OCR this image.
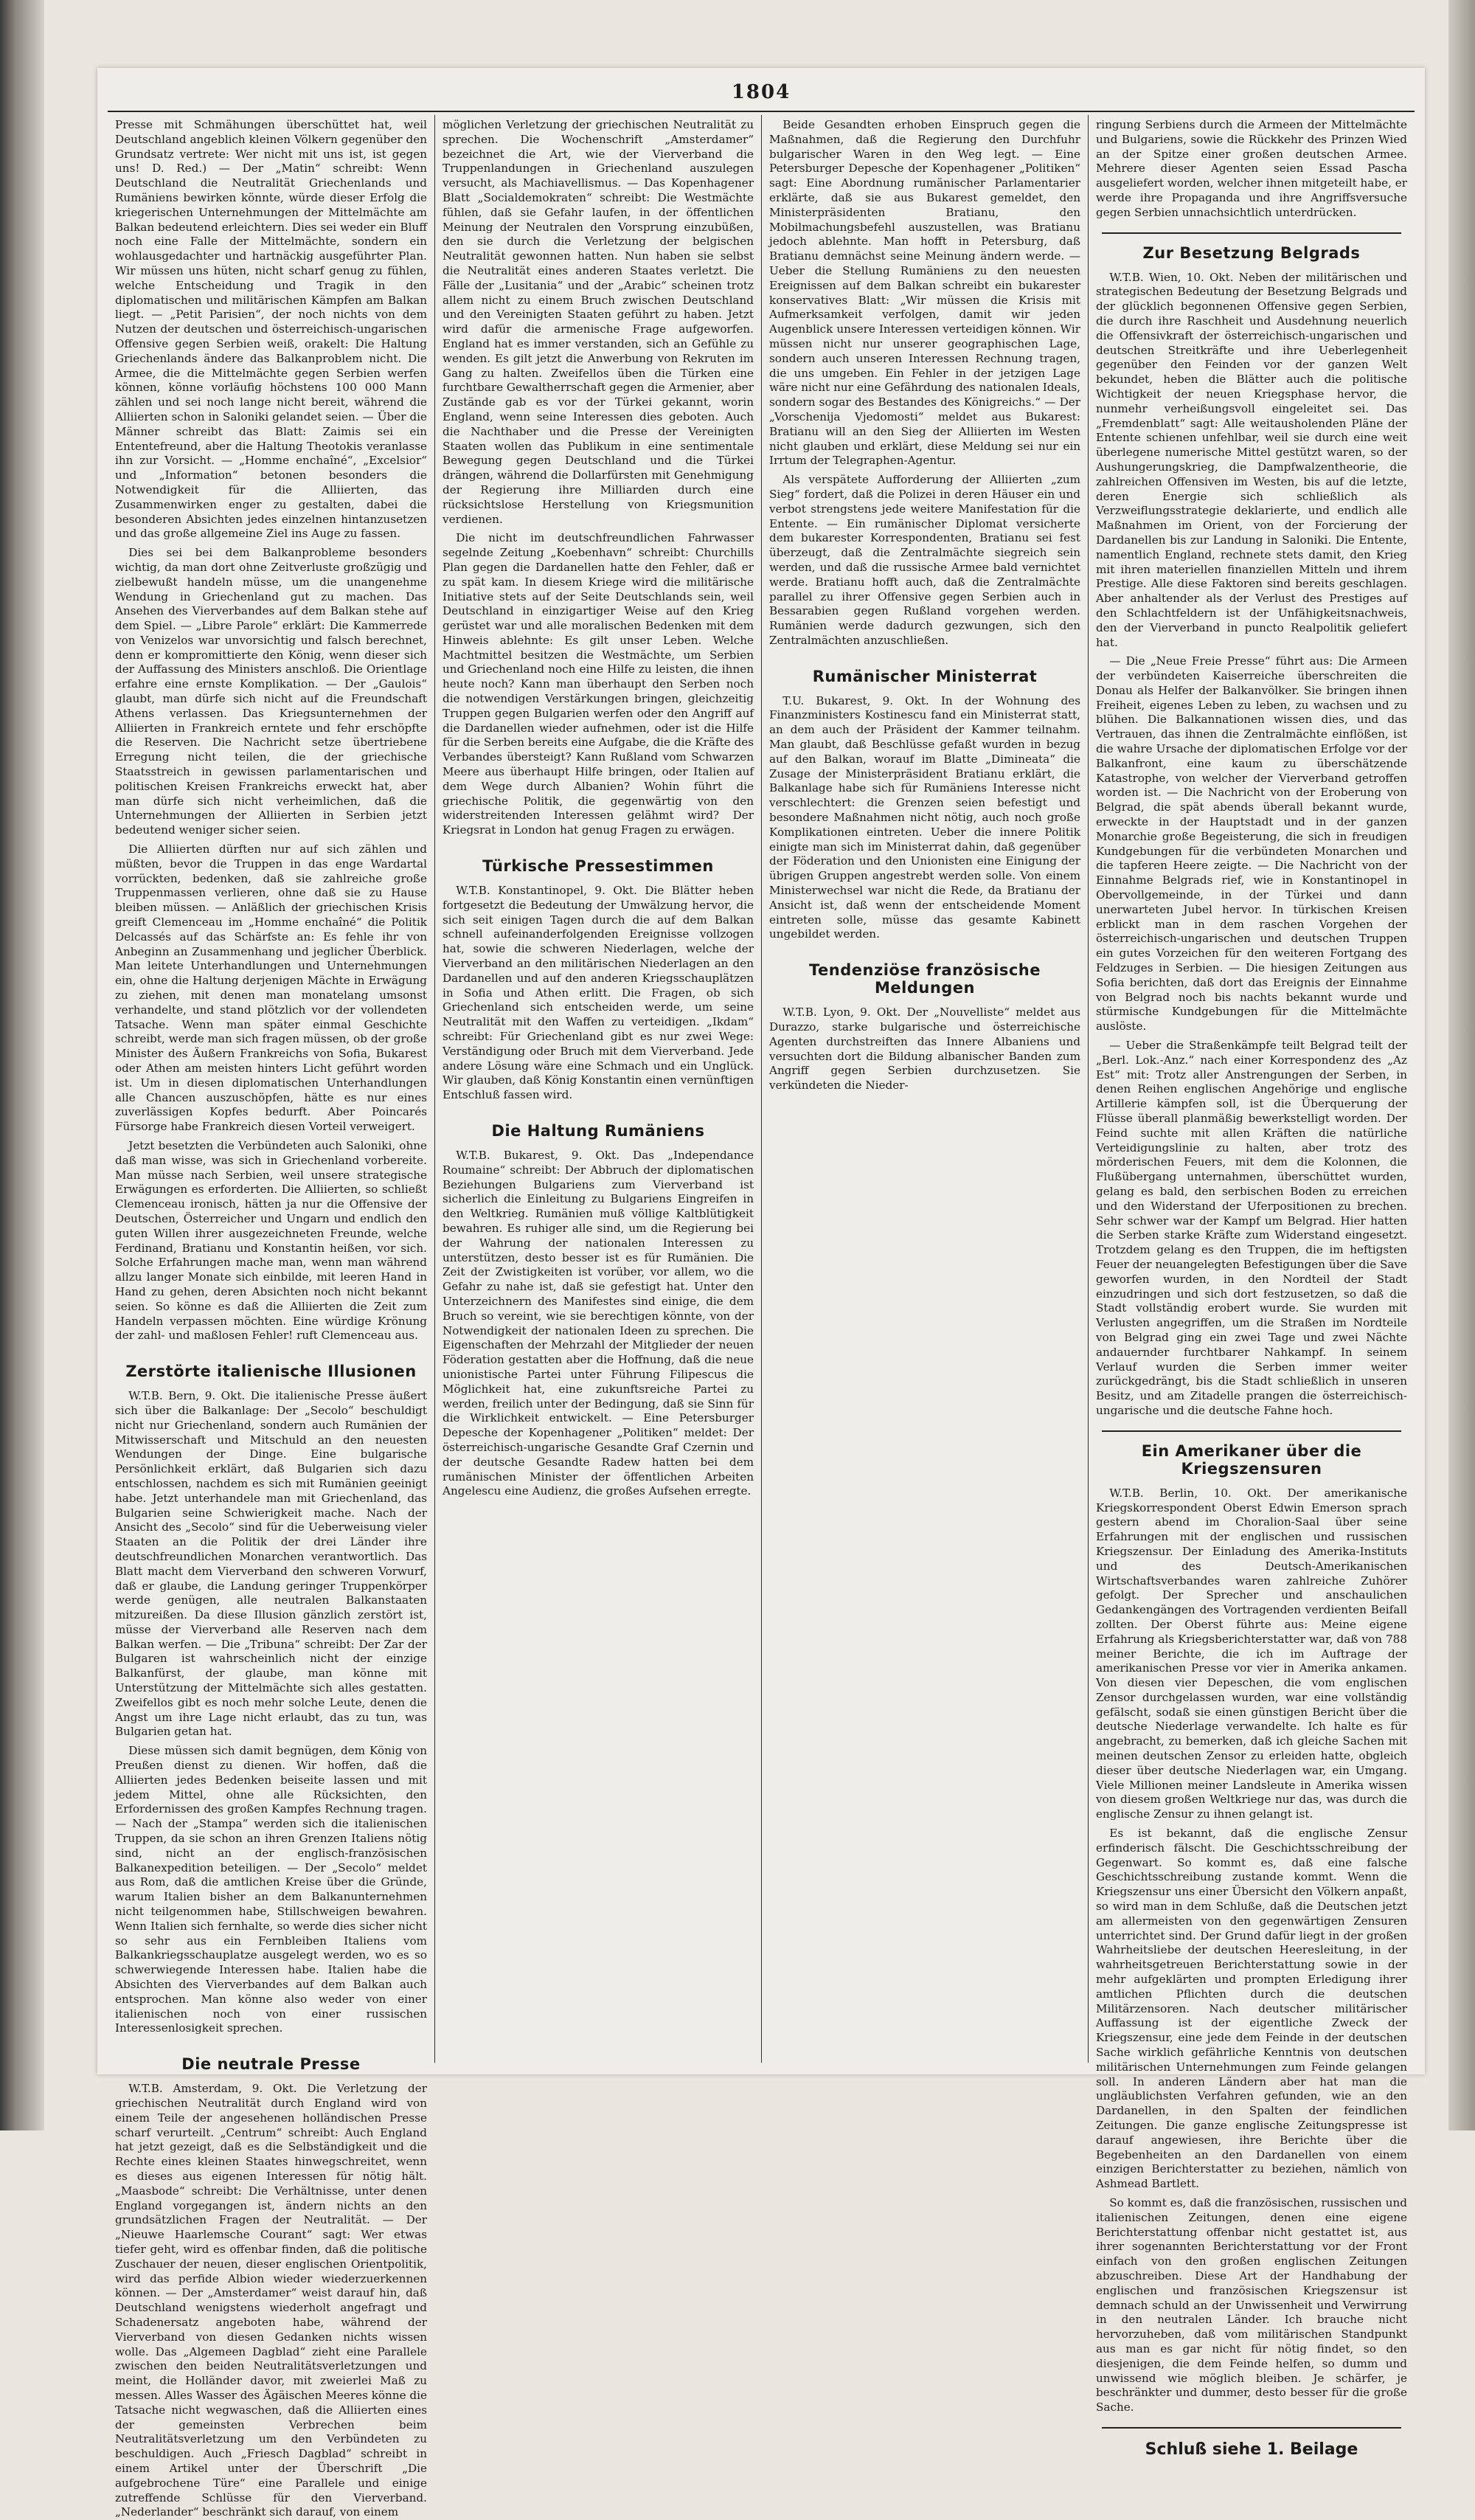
1804

Presse mit Schmähungen überschüttet hat, weil Deutschland angeblich kleinen Völkern gegenüber den Grundsatz vertrete: Wer nicht mit uns ist, ist gegen uns! D. Red.) — Der „Matin“ schreibt: Wenn Deutschland die Neutralität Griechenlands und Rumäniens bewirken könnte, würde dieser Erfolg die kriegerischen Unternehmungen der Mittelmächte am Balkan bedeutend erleichtern. Dies sei weder ein Bluff noch eine Falle der Mittelmächte, sondern ein wohlausgedachter und hartnäckig ausgeführter Plan. Wir müssen uns hüten, nicht scharf genug zu fühlen, welche Entscheidung und Tragik in den diplomatischen und militärischen Kämpfen am Balkan liegt. — „Petit Parisien“, der noch nichts von dem Nutzen der deutschen und österreichisch-ungarischen Offensive gegen Serbien weiß, orakelt: Die Haltung Griechenlands ändere das Balkanproblem nicht. Die Armee, die die Mittelmächte gegen Serbien werfen können, könne vorläufig höchstens 100 000 Mann zählen und sei noch lange nicht bereit, während die Alliierten schon in Saloniki gelandet seien. — Über die Männer schreibt das Blatt: Zaimis sei ein Ententefreund, aber die Haltung Theotokis veranlasse ihn zur Vorsicht. — „Homme enchaîné“, „Excelsior“ und „Information“ betonen besonders die Notwendigkeit für die Alliierten, das Zusammenwirken enger zu gestalten, dabei die besonderen Absichten jedes einzelnen hintanzusetzen und das große allgemeine Ziel ins Auge zu fassen.

Dies sei bei dem Balkanprobleme besonders wichtig, da man dort ohne Zeitverluste großzügig und zielbewußt handeln müsse, um die unangenehme Wendung in Griechenland gut zu machen. Das Ansehen des Vierverbandes auf dem Balkan stehe auf dem Spiel. — „Libre Parole“ erklärt: Die Kammerrede von Venizelos war unvorsichtig und falsch berechnet, denn er kompromittierte den König, wenn dieser sich der Auffassung des Ministers anschloß. Die Orientlage erfahre eine ernste Komplikation. — Der „Gaulois“ glaubt, man dürfe sich nicht auf die Freundschaft Athens verlassen. Das Kriegsunternehmen der Alliierten in Frankreich erntete und fehr erschöpfte die Reserven. Die Nachricht setze übertriebene Erregung nicht teilen, die der griechische Staatsstreich in gewissen parlamentarischen und politischen Kreisen Frankreichs erweckt hat, aber man dürfe sich nicht verheimlichen, daß die Unternehmungen der Alliierten in Serbien jetzt bedeutend weniger sicher seien.

Die Alliierten dürften nur auf sich zählen und müßten, bevor die Truppen in das enge Wardartal vorrückten, bedenken, daß sie zahlreiche große Truppenmassen verlieren, ohne daß sie zu Hause bleiben müssen. — Anläßlich der griechischen Krisis greift Clemenceau im „Homme enchaîné“ die Politik Delcassés auf das Schärfste an: Es fehle ihr von Anbeginn an Zusammenhang und jeglicher Überblick. Man leitete Unterhandlungen und Unternehmungen ein, ohne die Haltung derjenigen Mächte in Erwägung zu ziehen, mit denen man monatelang umsonst verhandelte, und stand plötzlich vor der vollendeten Tatsache. Wenn man später einmal Geschichte schreibt, werde man sich fragen müssen, ob der große Minister des Äußern Frankreichs von Sofia, Bukarest oder Athen am meisten hinters Licht geführt worden ist. Um in diesen diplomatischen Unterhandlungen alle Chancen auszuschöpfen, hätte es nur eines zuverlässigen Kopfes bedurft. Aber Poincarés Fürsorge habe Frankreich diesen Vorteil verweigert.

Jetzt besetzten die Verbündeten auch Saloniki, ohne daß man wisse, was sich in Griechenland vorbereite. Man müsse nach Serbien, weil unsere strategische Erwägungen es erforderten. Die Alliierten, so schließt Clemenceau ironisch, hätten ja nur die Offensive der Deutschen, Österreicher und Ungarn und endlich den guten Willen ihrer ausgezeichneten Freunde, welche Ferdinand, Bratianu und Konstantin heißen, vor sich. Solche Erfahrungen mache man, wenn man während allzu langer Monate sich einbilde, mit leeren Hand in Hand zu gehen, deren Absichten noch nicht bekannt seien. So könne es daß die Alliierten die Zeit zum Handeln verpassen möchten. Eine würdige Krönung der zahl- und maßlosen Fehler! ruft Clemenceau aus.

Zerstörte italienische Illusionen

W.T.B. Bern, 9. Okt. Die italienische Presse äußert sich über die Balkanlage: Der „Secolo“ beschuldigt nicht nur Griechenland, sondern auch Rumänien der Mitwisserschaft und Mitschuld an den neuesten Wendungen der Dinge. Eine bulgarische Persönlichkeit erklärt, daß Bulgarien sich dazu entschlossen, nachdem es sich mit Rumänien geeinigt habe. Jetzt unterhandele man mit Griechenland, das Bulgarien seine Schwierigkeit mache. Nach der Ansicht des „Secolo“ sind für die Ueberweisung vieler Staaten an die Politik der drei Länder ihre deutschfreundlichen Monarchen verantwortlich. Das Blatt macht dem Vierverband den schweren Vorwurf, daß er glaube, die Landung geringer Truppenkörper werde genügen, alle neutralen Balkanstaaten mitzureißen. Da diese Illusion gänzlich zerstört ist, müsse der Vierverband alle Reserven nach dem Balkan werfen. — Die „Tribuna“ schreibt: Der Zar der Bulgaren ist wahrscheinlich nicht der einzige Balkanfürst, der glaube, man könne mit Unterstützung der Mittelmächte sich alles gestatten. Zweifellos gibt es noch mehr solche Leute, denen die Angst um ihre Lage nicht erlaubt, das zu tun, was Bulgarien getan hat.

Diese müssen sich damit begnügen, dem König von Preußen dienst zu dienen. Wir hoffen, daß die Alliierten jedes Bedenken beiseite lassen und mit jedem Mittel, ohne alle Rücksichten, den Erfordernissen des großen Kampfes Rechnung tragen. — Nach der „Stampa“ werden sich die italienischen Truppen, da sie schon an ihren Grenzen Italiens nötig sind, nicht an der englisch-französischen Balkanexpedition beteiligen. — Der „Secolo“ meldet aus Rom, daß die amtlichen Kreise über die Gründe, warum Italien bisher an dem Balkanunternehmen nicht teilgenommen habe, Stillschweigen bewahren. Wenn Italien sich fernhalte, so werde dies sicher nicht so sehr aus ein Fernbleiben Italiens vom Balkankriegsschauplatze ausgelegt werden, wo es so schwerwiegende Interessen habe. Italien habe die Absichten des Vierverbandes auf dem Balkan auch entsprochen. Man könne also weder von einer italienischen noch von einer russischen Interessenlosigkeit sprechen.

Die neutrale Presse

W.T.B. Amsterdam, 9. Okt. Die Verletzung der griechischen Neutralität durch England wird von einem Teile der angesehenen holländischen Presse scharf verurteilt. „Centrum“ schreibt: Auch England hat jetzt gezeigt, daß es die Selbständigkeit und die Rechte eines kleinen Staates hinwegschreitet, wenn es dieses aus eigenen Interessen für nötig hält. „Maasbode“ schreibt: Die Verhältnisse, unter denen England vorgegangen ist, ändern nichts an den grundsätzlichen Fragen der Neutralität. — Der „Nieuwe Haarlemsche Courant“ sagt: Wer etwas tiefer geht, wird es offenbar finden, daß die politische Zuschauer der neuen, dieser englischen Orientpolitik, wird das perfide Albion wieder wiederzuerkennen können. — Der „Amsterdamer“ weist darauf hin, daß Deutschland wenigstens wiederholt angefragt und Schadenersatz angeboten habe, während der Vierverband von diesen Gedanken nichts wissen wolle. Das „Algemeen Dagblad“ zieht eine Parallele zwischen den beiden Neutralitätsverletzungen und meint, die Holländer davor, mit zweierlei Maß zu messen. Alles Wasser des Ägäischen Meeres könne die Tatsache nicht wegwaschen, daß die Alliierten eines der gemeinsten Verbrechen beim Neutralitätsverletzung um den Verbündeten zu beschuldigen. Auch „Friesch Dagblad“ schreibt in einem Artikel unter der Überschrift „Die aufgebrochene Türe“ eine Parallele und einige zutreffende Schlüsse für den Vierverband. „Nederlander“ beschränkt sich darauf, von einem

möglichen Verletzung der griechischen Neutralität zu sprechen. Die Wochenschrift „Amsterdamer“ bezeichnet die Art, wie der Vierverband die Truppenlandungen in Griechenland auszulegen versucht, als Machiavellismus. — Das Kopenhagener Blatt „Socialdemokraten“ schreibt: Die Westmächte fühlen, daß sie Gefahr laufen, in der öffentlichen Meinung der Neutralen den Vorsprung einzubüßen, den sie durch die Verletzung der belgischen Neutralität gewonnen hatten. Nun haben sie selbst die Neutralität eines anderen Staates verletzt. Die Fälle der „Lusitania“ und der „Arabic“ scheinen trotz allem nicht zu einem Bruch zwischen Deutschland und den Vereinigten Staaten geführt zu haben. Jetzt wird dafür die armenische Frage aufgeworfen. England hat es immer verstanden, sich an Gefühle zu wenden. Es gilt jetzt die Anwerbung von Rekruten im Gang zu halten. Zweifellos üben die Türken eine furchtbare Gewaltherrschaft gegen die Armenier, aber Zustände gab es vor der Türkei gekannt, worin England, wenn seine Interessen dies geboten. Auch die Nachthaber und die Presse der Vereinigten Staaten wollen das Publikum in eine sentimentale Bewegung gegen Deutschland und die Türkei drängen, während die Dollarfürsten mit Genehmigung der Regierung ihre Milliarden durch eine rücksichtslose Herstellung von Kriegsmunition verdienen.

Die nicht im deutschfreundlichen Fahrwasser segelnde Zeitung „Koebenhavn“ schreibt: Churchills Plan gegen die Dardanellen hatte den Fehler, daß er zu spät kam. In diesem Kriege wird die militärische Initiative stets auf der Seite Deutschlands sein, weil Deutschland in einzigartiger Weise auf den Krieg gerüstet war und alle moralischen Bedenken mit dem Hinweis ablehnte: Es gilt unser Leben. Welche Machtmittel besitzen die Westmächte, um Serbien und Griechenland noch eine Hilfe zu leisten, die ihnen heute noch? Kann man überhaupt den Serben noch die notwendigen Verstärkungen bringen, gleichzeitig Truppen gegen Bulgarien werfen oder den Angriff auf die Dardanellen wieder aufnehmen, oder ist die Hilfe für die Serben bereits eine Aufgabe, die die Kräfte des Verbandes übersteigt? Kann Rußland vom Schwarzen Meere aus überhaupt Hilfe bringen, oder Italien auf dem Wege durch Albanien? Wohin führt die griechische Politik, die gegenwärtig von den widerstreitenden Interessen gelähmt wird? Der Kriegsrat in London hat genug Fragen zu erwägen.

Türkische Pressestimmen

W.T.B. Konstantinopel, 9. Okt. Die Blätter heben fortgesetzt die Bedeutung der Umwälzung hervor, die sich seit einigen Tagen durch die auf dem Balkan schnell aufeinanderfolgenden Ereignisse vollzogen hat, sowie die schweren Niederlagen, welche der Vierverband an den militärischen Niederlagen an den Dardanellen und auf den anderen Kriegsschauplätzen in Sofia und Athen erlitt. Die Fragen, ob sich Griechenland sich entscheiden werde, um seine Neutralität mit den Waffen zu verteidigen. „Ikdam“ schreibt: Für Griechenland gibt es nur zwei Wege: Verständigung oder Bruch mit dem Vierverband. Jede andere Lösung wäre eine Schmach und ein Unglück. Wir glauben, daß König Konstantin einen vernünftigen Entschluß fassen wird.

Die Haltung Rumäniens

W.T.B. Bukarest, 9. Okt. Das „Independance Roumaine“ schreibt: Der Abbruch der diplomatischen Beziehungen Bulgariens zum Vierverband ist sicherlich die Einleitung zu Bulgariens Eingreifen in den Weltkrieg. Rumänien muß völlige Kaltblütigkeit bewahren. Es ruhiger alle sind, um die Regierung bei der Wahrung der nationalen Interessen zu unterstützen, desto besser ist es für Rumänien. Die Zeit der Zwistigkeiten ist vorüber, vor allem, wo die Gefahr zu nahe ist, daß sie gefestigt hat. Unter den Unterzeichnern des Manifestes sind einige, die dem Bruch so vereint, wie sie berechtigen könnte, von der Notwendigkeit der nationalen Ideen zu sprechen. Die Eigenschaften der Mehrzahl der Mitglieder der neuen Föderation gestatten aber die Hoffnung, daß die neue unionistische Partei unter Führung Filipescus die Möglichkeit hat, eine zukunftsreiche Partei zu werden, freilich unter der Bedingung, daß sie Sinn für die Wirklichkeit entwickelt. — Eine Petersburger Depesche der Kopenhagener „Politiken“ meldet: Der österreichisch-ungarische Gesandte Graf Czernin und der deutsche Gesandte Radew hatten bei dem rumänischen Minister der öffentlichen Arbeiten Angelescu eine Audienz, die großes Aufsehen erregte.

Beide Gesandten erhoben Einspruch gegen die Maßnahmen, daß die Regierung den Durchfuhr bulgarischer Waren in den Weg legt. — Eine Petersburger Depesche der Kopenhagener „Politiken“ sagt: Eine Abordnung rumänischer Parlamentarier erklärte, daß sie aus Bukarest gemeldet, den Ministerpräsidenten Bratianu, den Mobilmachungsbefehl auszustellen, was Bratianu jedoch ablehnte. Man hofft in Petersburg, daß Bratianu demnächst seine Meinung ändern werde. — Ueber die Stellung Rumäniens zu den neuesten Ereignissen auf dem Balkan schreibt ein bukarester konservatives Blatt: „Wir müssen die Krisis mit Aufmerksamkeit verfolgen, damit wir jeden Augenblick unsere Interessen verteidigen können. Wir müssen nicht nur unserer geographischen Lage, sondern auch unseren Interessen Rechnung tragen, die uns umgeben. Ein Fehler in der jetzigen Lage wäre nicht nur eine Gefährdung des nationalen Ideals, sondern sogar des Bestandes des Königreichs.“ — Der „Vorschenija Vjedomosti“ meldet aus Bukarest: Bratianu will an den Sieg der Alliierten im Westen nicht glauben und erklärt, diese Meldung sei nur ein Irrtum der Telegraphen-Agentur.

Als verspätete Aufforderung der Alliierten „zum Sieg“ fordert, daß die Polizei in deren Häuser ein und verbot strengstens jede weitere Manifestation für die Entente. — Ein rumänischer Diplomat versicherte dem bukarester Korrespondenten, Bratianu sei fest überzeugt, daß die Zentralmächte siegreich sein werden, und daß die russische Armee bald vernichtet werde. Bratianu hofft auch, daß die Zentralmächte parallel zu ihrer Offensive gegen Serbien auch in Bessarabien gegen Rußland vorgehen werden. Rumänien werde dadurch gezwungen, sich den Zentralmächten anzuschließen.

Rumänischer Ministerrat

T.U. Bukarest, 9. Okt. In der Wohnung des Finanzministers Kostinescu fand ein Ministerrat statt, an dem auch der Präsident der Kammer teilnahm. Man glaubt, daß Beschlüsse gefaßt wurden in bezug auf den Balkan, worauf im Blatte „Dimineata“ die Zusage der Ministerpräsident Bratianu erklärt, die Balkanlage habe sich für Rumäniens Interesse nicht verschlechtert: die Grenzen seien befestigt und besondere Maßnahmen nicht nötig, auch noch große Komplikationen eintreten. Ueber die innere Politik einigte man sich im Ministerrat dahin, daß gegenüber der Föderation und den Unionisten eine Einigung der übrigen Gruppen angestrebt werden solle. Von einem Ministerwechsel war nicht die Rede, da Bratianu der Ansicht ist, daß wenn der entscheidende Moment eintreten solle, müsse das gesamte Kabinett ungebildet werden.

Tendenziöse französische Meldungen

W.T.B. Lyon, 9. Okt. Der „Nouvelliste“ meldet aus Durazzo, starke bulgarische und österreichische Agenten durchstreiften das Innere Albaniens und versuchten dort die Bildung albanischer Banden zum Angriff gegen Serbien durchzusetzen. Sie verkündeten die Nieder-

ringung Serbiens durch die Armeen der Mittelmächte und Bulgariens, sowie die Rückkehr des Prinzen Wied an der Spitze einer großen deutschen Armee. Mehrere dieser Agenten seien Essad Pascha ausgeliefert worden, welcher ihnen mitgeteilt habe, er werde ihre Propaganda und ihre Angriffsversuche gegen Serbien unnachsichtlich unterdrücken.

Zur Besetzung Belgrads

W.T.B. Wien, 10. Okt. Neben der militärischen und strategischen Bedeutung der Besetzung Belgrads und der glücklich begonnenen Offensive gegen Serbien, die durch ihre Raschheit und Ausdehnung neuerlich die Offensivkraft der österreichisch-ungarischen und deutschen Streitkräfte und ihre Ueberlegenheit gegenüber den Feinden vor der ganzen Welt bekundet, heben die Blätter auch die politische Wichtigkeit der neuen Kriegsphase hervor, die nunmehr verheißungsvoll eingeleitet sei. Das „Fremdenblatt“ sagt: Alle weitausholenden Pläne der Entente schienen unfehlbar, weil sie durch eine weit überlegene numerische Mittel gestützt waren, so der Aushungerungskrieg, die Dampfwalzentheorie, die zahlreichen Offensiven im Westen, bis auf die letzte, deren Energie sich schließlich als Verzweiflungsstrategie deklarierte, und endlich alle Maßnahmen im Orient, von der Forcierung der Dardanellen bis zur Landung in Saloniki. Die Entente, namentlich England, rechnete stets damit, den Krieg mit ihren materiellen finanziellen Mitteln und ihrem Prestige. Alle diese Faktoren sind bereits geschlagen. Aber anhaltender als der Verlust des Prestiges auf den Schlachtfeldern ist der Unfähigkeitsnachweis, den der Vierverband in puncto Realpolitik geliefert hat.

— Die „Neue Freie Presse“ führt aus: Die Armeen der verbündeten Kaiserreiche überschreiten die Donau als Helfer der Balkanvölker. Sie bringen ihnen Freiheit, eigenes Leben zu leben, zu wachsen und zu blühen. Die Balkannationen wissen dies, und das Vertrauen, das ihnen die Zentralmächte einflößen, ist die wahre Ursache der diplomatischen Erfolge vor der Balkanfront, eine kaum zu überschätzende Katastrophe, von welcher der Vierverband getroffen worden ist. — Die Nachricht von der Eroberung von Belgrad, die spät abends überall bekannt wurde, erweckte in der Hauptstadt und in der ganzen Monarchie große Begeisterung, die sich in freudigen Kundgebungen für die verbündeten Monarchen und die tapferen Heere zeigte. — Die Nachricht von der Einnahme Belgrads rief, wie in Konstantinopel in Obervollgemeinde, in der Türkei und dann unerwarteten Jubel hervor. In türkischen Kreisen erblickt man in dem raschen Vorgehen der österreichisch-ungarischen und deutschen Truppen ein gutes Vorzeichen für den weiteren Fortgang des Feldzuges in Serbien. — Die hiesigen Zeitungen aus Sofia berichten, daß dort das Ereignis der Einnahme von Belgrad noch bis nachts bekannt wurde und stürmische Kundgebungen für die Mittelmächte auslöste.

— Ueber die Straßenkämpfe teilt Belgrad teilt der „Berl. Lok.-Anz.“ nach einer Korrespondenz des „Az Est“ mit: Trotz aller Anstrengungen der Serben, in denen Reihen englischen Angehörige und englische Artillerie kämpfen soll, ist die Überquerung der Flüsse überall planmäßig bewerkstelligt worden. Der Feind suchte mit allen Kräften die natürliche Verteidigungslinie zu halten, aber trotz des mörderischen Feuers, mit dem die Kolonnen, die Flußübergang unternahmen, überschüttet wurden, gelang es bald, den serbischen Boden zu erreichen und den Widerstand der Uferpositionen zu brechen. Sehr schwer war der Kampf um Belgrad. Hier hatten die Serben starke Kräfte zum Widerstand eingesetzt. Trotzdem gelang es den Truppen, die im heftigsten Feuer der neuangelegten Befestigungen über die Save geworfen wurden, in den Nordteil der Stadt einzudringen und sich dort festzusetzen, so daß die Stadt vollständig erobert wurde. Sie wurden mit Verlusten angegriffen, um die Straßen im Nordteile von Belgrad ging ein zwei Tage und zwei Nächte andauernder furchtbarer Nahkampf. In seinem Verlauf wurden die Serben immer weiter zurückgedrängt, bis die Stadt schließlich in unseren Besitz, und am Zitadelle prangen die österreichisch-ungarische und die deutsche Fahne hoch.

Ein Amerikaner über die Kriegszensuren

W.T.B. Berlin, 10. Okt. Der amerikanische Kriegskorrespondent Oberst Edwin Emerson sprach gestern abend im Choralion-Saal über seine Erfahrungen mit der englischen und russischen Kriegszensur. Der Einladung des Amerika-Instituts und des Deutsch-Amerikanischen Wirtschaftsverbandes waren zahlreiche Zuhörer gefolgt. Der Sprecher und anschaulichen Gedankengängen des Vortragenden verdienten Beifall zollten. Der Oberst führte aus: Meine eigene Erfahrung als Kriegsberichterstatter war, daß von 788 meiner Berichte, die ich im Auftrage der amerikanischen Presse vor vier in Amerika ankamen. Von diesen vier Depeschen, die vom englischen Zensor durchgelassen wurden, war eine vollständig gefälscht, sodaß sie einen günstigen Bericht über die deutsche Niederlage verwandelte. Ich halte es für angebracht, zu bemerken, daß ich gleiche Sachen mit meinen deutschen Zensor zu erleiden hatte, obgleich dieser über deutsche Niederlagen war, ein Umgang. Viele Millionen meiner Landsleute in Amerika wissen von diesem großen Weltkriege nur das, was durch die englische Zensur zu ihnen gelangt ist.

Es ist bekannt, daß die englische Zensur erfinderisch fälscht. Die Geschichtsschreibung der Gegenwart. So kommt es, daß eine falsche Geschichtsschreibung zustande kommt. Wenn die Kriegszensur uns einer Übersicht den Völkern anpaßt, so wird man in dem Schluße, daß die Deutschen jetzt am allermeisten von den gegenwärtigen Zensuren unterrichtet sind. Der Grund dafür liegt in der großen Wahrheitsliebe der deutschen Heeresleitung, in der wahrheitsgetreuen Berichterstattung sowie in der mehr aufgeklärten und prompten Erledigung ihrer amtlichen Pflichten durch die deutschen Militärzensoren. Nach deutscher militärischer Auffassung ist der eigentliche Zweck der Kriegszensur, eine jede dem Feinde in der deutschen Sache wirklich gefährliche Kenntnis von deutschen militärischen Unternehmungen zum Feinde gelangen soll. In anderen Ländern aber hat man die ungläublichsten Verfahren gefunden, wie an den Dardanellen, in den Spalten der feindlichen Zeitungen. Die ganze englische Zeitungspresse ist darauf angewiesen, ihre Berichte über die Begebenheiten an den Dardanellen von einem einzigen Berichterstatter zu beziehen, nämlich von Ashmead Bartlett.

So kommt es, daß die französischen, russischen und italienischen Zeitungen, denen eine eigene Berichterstattung offenbar nicht gestattet ist, aus ihrer sogenannten Berichterstattung vor der Front einfach von den großen englischen Zeitungen abzuschreiben. Diese Art der Handhabung der englischen und französischen Kriegszensur ist demnach schuld an der Unwissenheit und Verwirrung in den neutralen Länder. Ich brauche nicht hervorzuheben, daß vom militärischen Standpunkt aus man es gar nicht für nötig findet, so den diesjenigen, die dem Feinde helfen, so dumm und unwissend wie möglich bleiben. Je schärfer, je beschränkter und dummer, desto besser für die große Sache.

Schluß siehe 1. Beilage
